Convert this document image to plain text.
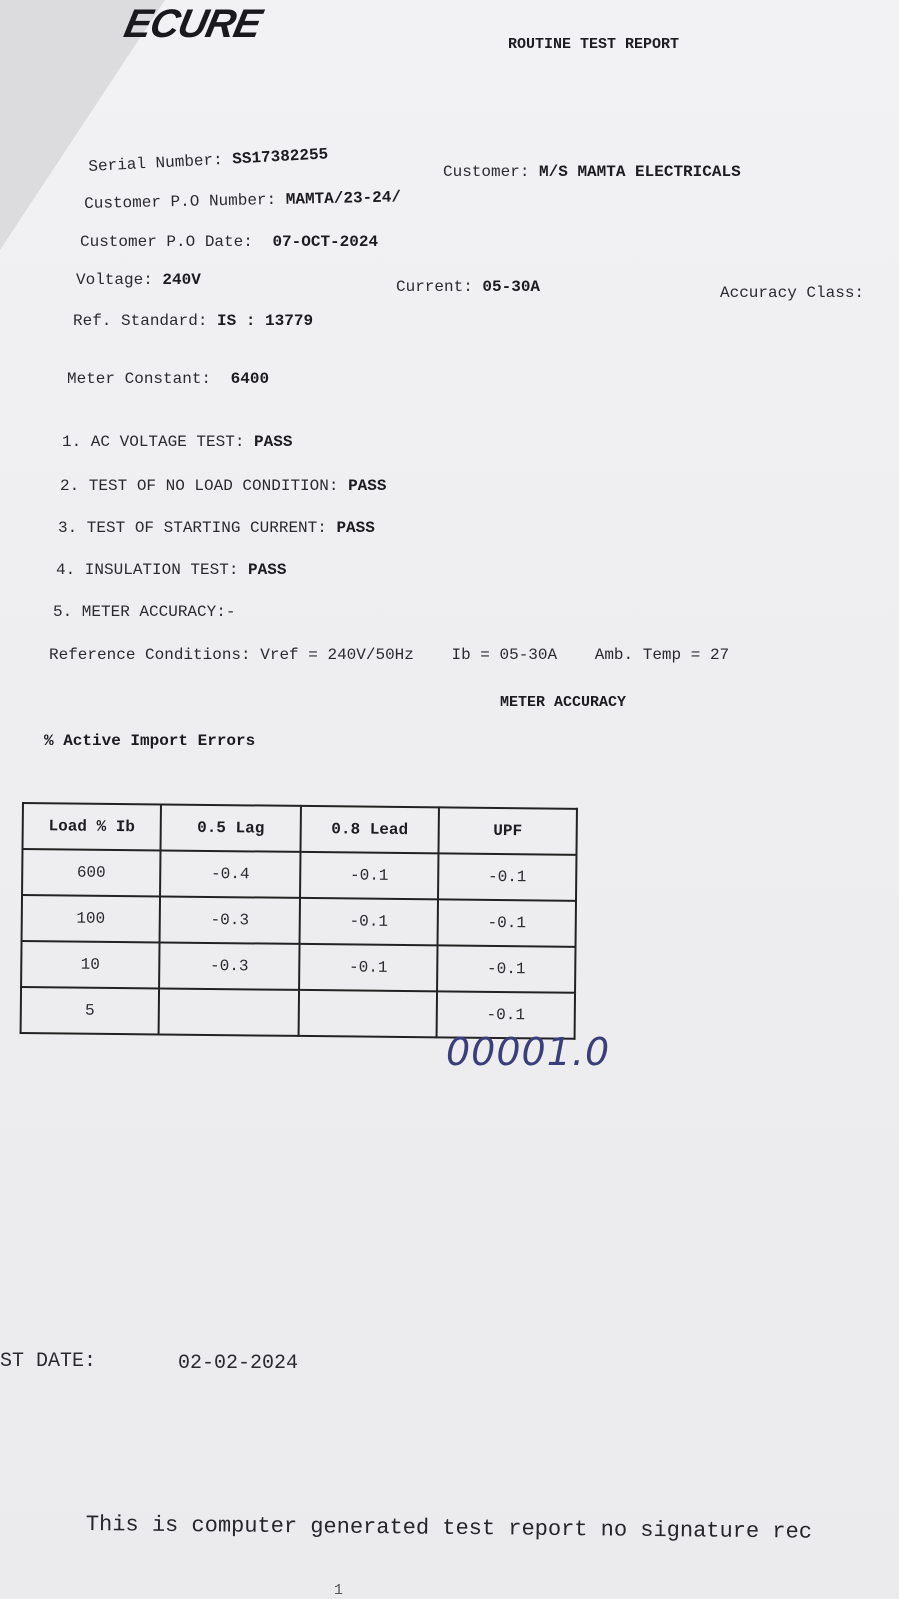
ECURE	ROUTINE TEST REPORT
Serial Number: SS17382255
Customer: M/S MAMTA ELECTRICALS
Customer P.O Number: MAMTA/23-24/
Customer P.O Date: 07-OCT-2024
Voltage: 240V	Current: 05-30A	Accuracy Class:
Ref. Standard: IS : 13779
Meter Constant: 6400
1. AC VOLTAGE TEST: PASS
2. TEST OF NO LOAD CONDITION: PASS
3. TEST OF STARTING CURRENT: PASS
4. INSULATION TEST: PASS
5. METER ACCURACY:-
Reference Conditions: Vref = 240V/50Hz Ib = 05-30A Amb. Temp = 27
METER ACCURACY
% Active Import Errors
Load % Ib	0.5 Lag	0.8 Lead	UPF
600	-0.4	-0.1	-0.1
100	-0.3	-0.1	-0.1
10	-0.3	-0.1	-0.1
5			-0.1
00001.0
ST DATE:	02-02-2024
This is computer generated test report no signature rec
1
